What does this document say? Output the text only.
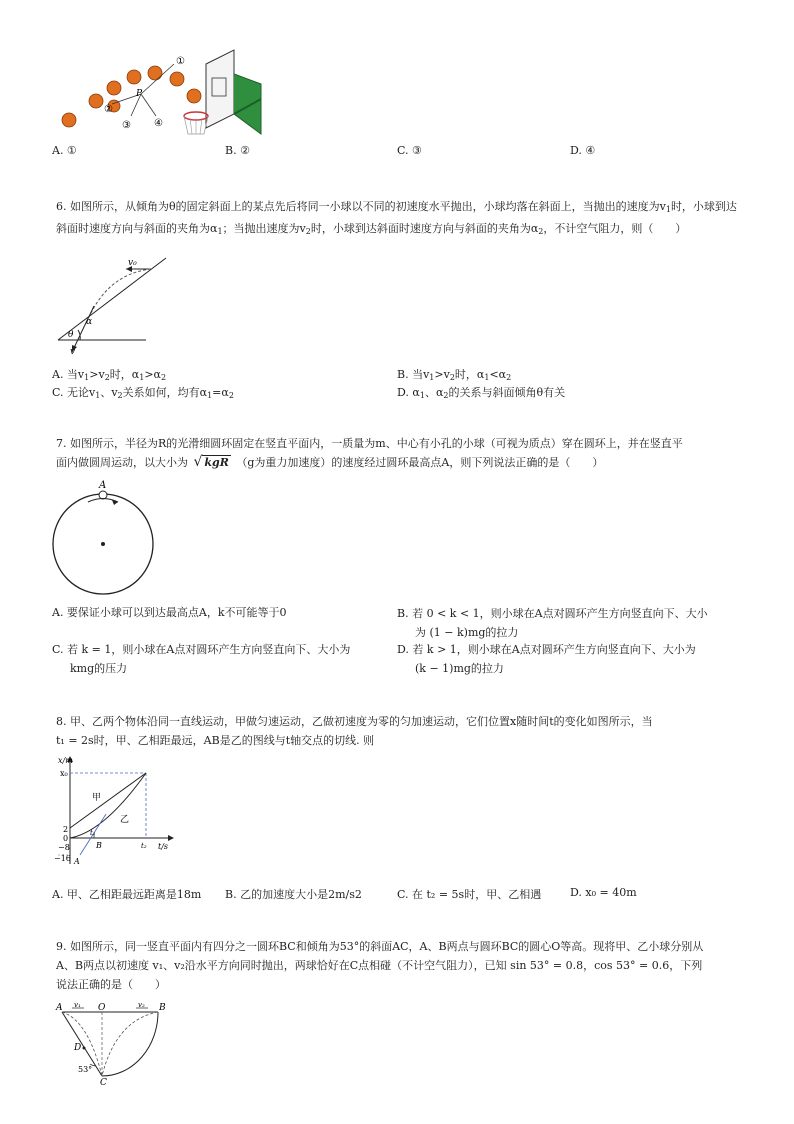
①
②
③ ④
P
A. ①	B. ②	C. ③	D. ④
6. 如图所示，从倾角为θ的固定斜面上的某点先后将同一小球以不同的初速度水平抛出，小球均落在斜面上，当抛出的速度为$v_1$时，小球到达斜面时速度方向与斜面的夹角为$\alpha_1$；当抛出速度为$v_2$时，小球到达斜面时速度方向与斜面的夹角为$\alpha_2$，不计空气阻力，则（　　）
v₀
α
θ
v
A. 当$v_1>v_2$时，$\alpha_1>\alpha_2$	B. 当$v_1>v_2$时，$\alpha_1<\alpha_2$
C. 无论$v_1$、$v_2$关系如何，均有$\alpha_1=\alpha_2$	D. $\alpha_1$、$\alpha_2$的关系与斜面倾角θ有关
7. 如图所示，半径为R的光滑细圆环固定在竖直平面内，一质量为m、中心有小孔的小球（可视为质点）穿在圆环上，并在竖直平
面内做圆周运动，以大小为 √ kgR （g为重力加速度）的速度经过圆环最高点A，则下列说法正确的是（　　）
A
A. 要保证小球可以到达最高点A，k不可能等于0	B. 若 0 < k < 1，则小球在A点对圆环产生方向竖直向下、大小
为 (1 − k)mg的拉力
C. 若 k = 1，则小球在A点对圆环产生方向竖直向下、大小为
kmg的压力
D. 若 k > 1，则小球在A点对圆环产生方向竖直向下、大小为
(k − 1)mg的拉力
8. 甲、乙两个物体沿同一直线运动，甲做匀速运动，乙做初速度为零的匀加速运动，它们位置x随时间t的变化如图所示，当
t₁ = 2s时，甲、乙相距最远，AB是乙的图线与t轴交点的切线. 则
x/m
x₀
甲
乙
t₁
t₂ t/s
B
A
2
0
−8
−16
A. 甲、乙相距最远距离是18m B. 乙的加速度大小是2m/s2	C. 在 t₂ = 5s时，甲、乙相遇	D. x₀ = 40m
9. 如图所示，同一竖直平面内有四分之一圆环BC和倾角为53°的斜面AC，A、B两点与圆环BC的圆心O等高。现将甲、乙小球分别从
A、B两点以初速度 v₁、v₂沿水平方向同时抛出，两球恰好在C点相碰（不计空气阻力），已知 sin 53° = 0.8，cos 53° = 0.6，下列
说法正确的是（　　）
A	B
O
C
D
v₁	v₂
53°
